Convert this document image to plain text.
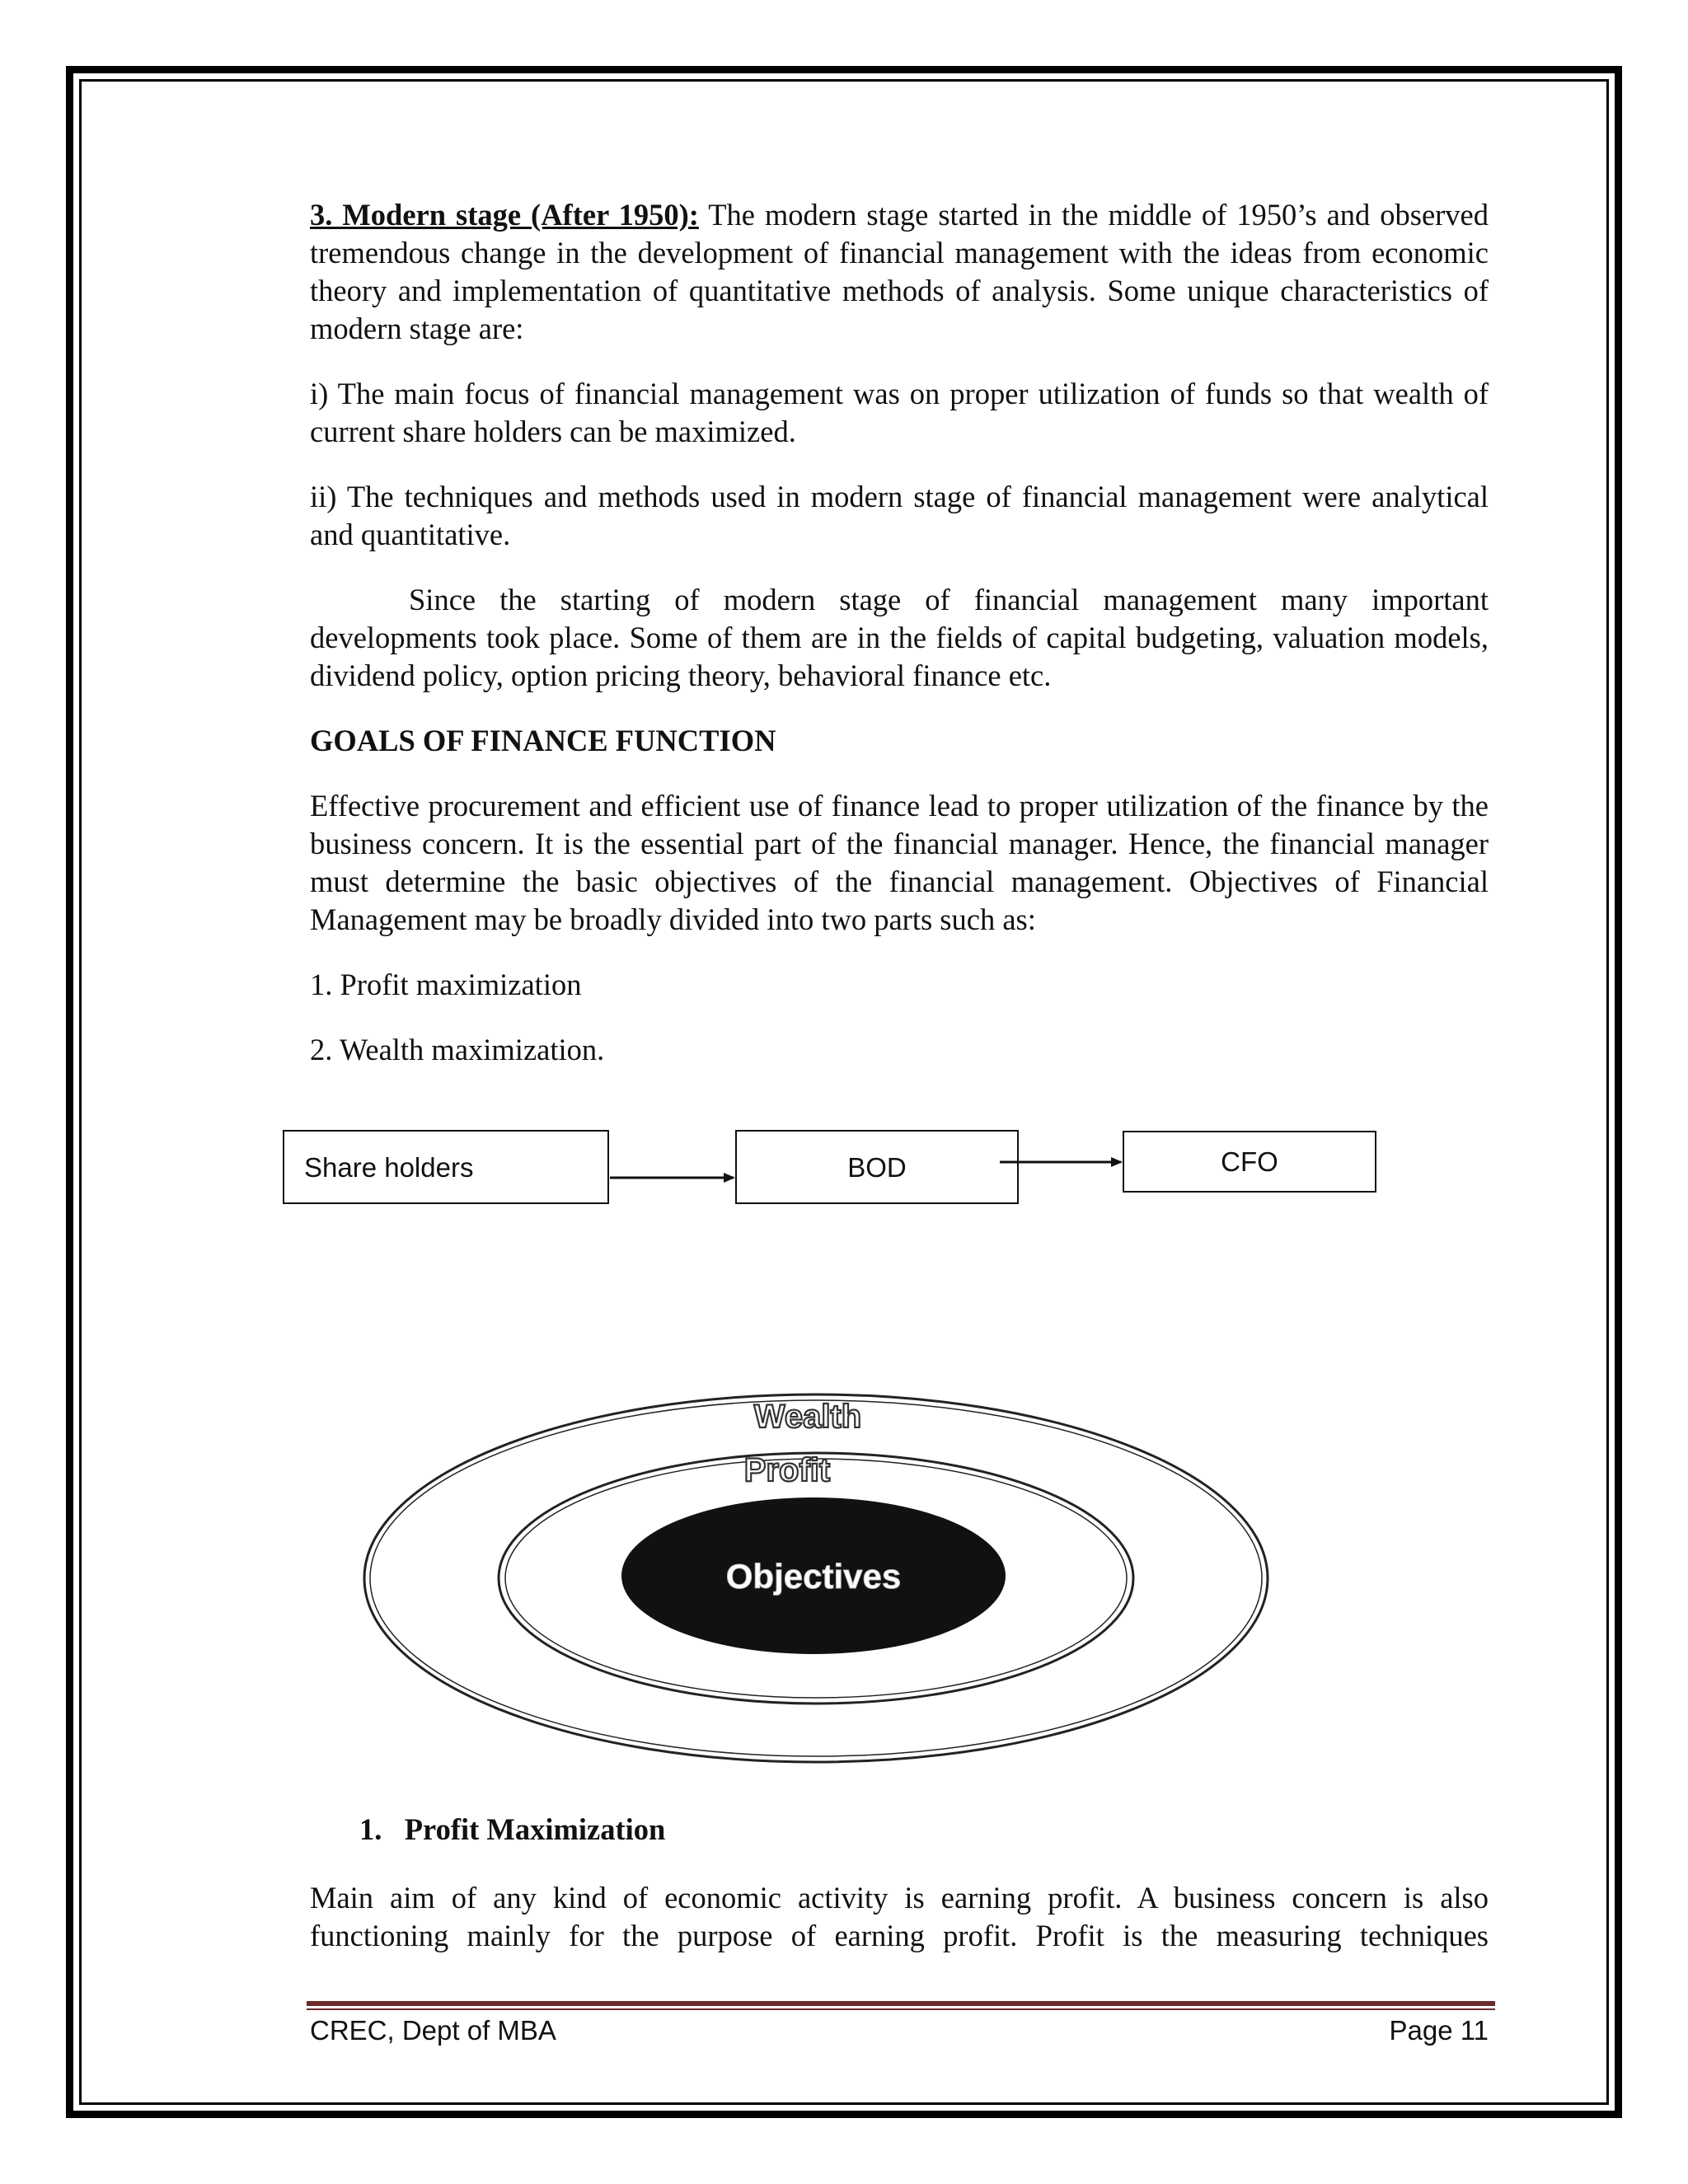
3. Modern stage (After 1950): The modern stage started in the middle of 1950’s and observed tremendous change in the development of financial management with the ideas from economic theory and implementation of quantitative methods of analysis. Some unique characteristics of modern stage are:

i) The main focus of financial management was on proper utilization of funds so that wealth of current share holders can be maximized.

ii) The techniques and methods used in modern stage of financial management were analytical and quantitative.

Since the starting of modern stage of financial management many important developments took place. Some of them are in the fields of capital budgeting, valuation models, dividend policy, option pricing theory, behavioral finance etc.

GOALS OF FINANCE FUNCTION

Effective procurement and efficient use of finance lead to proper utilization of the finance by the business concern. It is the essential part of the financial manager. Hence, the financial manager must determine the basic objectives of the financial management. Objectives of Financial Management may be broadly divided into two parts such as:

1. Profit maximization

2. Wealth maximization.

Share holders	BOD	CFO
Wealth
Profit
Objectives
1.   Profit Maximization

Main aim of any kind of economic activity is earning profit. A business concern is also functioning mainly for the purpose of earning profit. Profit is the measuring techniques

CREC, Dept of MBA	Page 11
